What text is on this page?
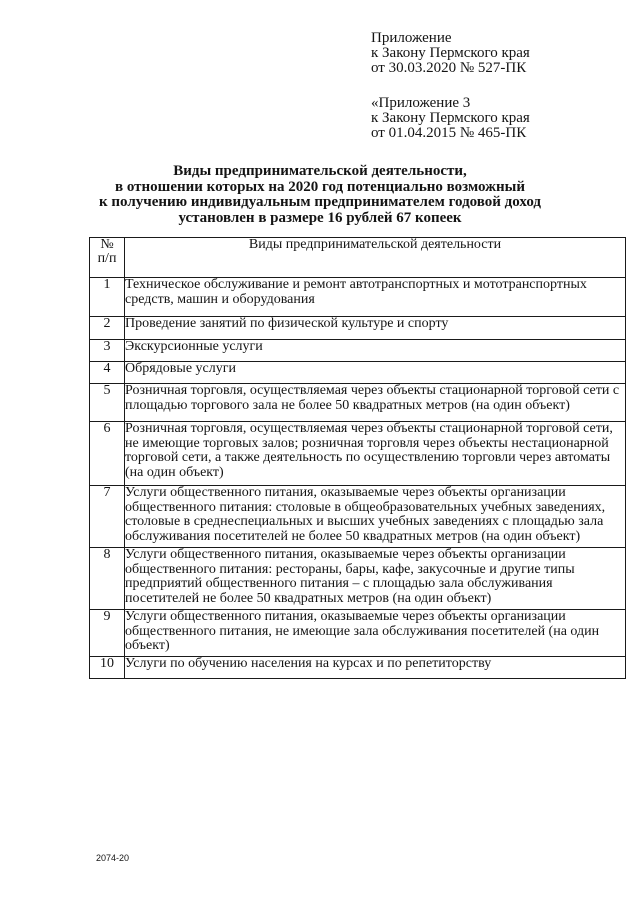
Приложение
к Закону Пермского края
от 30.03.2020 № 527-ПК
«Приложение 3
к Закону Пермского края
от 01.04.2015 № 465-ПК
Виды предпринимательской деятельности,
в отношении которых на 2020 год потенциально возможный
к получению индивидуальным предпринимателем годовой доход
установлен в размере 16 рублей 67 копеек
№
п/п	Виды предпринимательской деятельности
1	Техническое обслуживание и ремонт автотранспортных и мототранспортных средств, машин и оборудования
2	Проведение занятий по физической культуре и спорту
3	Экскурсионные услуги
4	Обрядовые услуги
5	Розничная торговля, осуществляемая через объекты стационарной торговой сети с площадью торгового зала не более 50 квадратных метров (на один объект)
6	Розничная торговля, осуществляемая через объекты стационарной торговой сети, не имеющие торговых залов; розничная торговля через объекты нестационарной торговой сети, а также деятельность по осуществлению торговли через автоматы (на один объект)
7	Услуги общественного питания, оказываемые через объекты организации общественного питания: столовые в общеобразовательных учебных заведениях, столовые в среднеспециальных и высших учебных заведениях с площадью зала обслуживания посетителей не более 50 квадратных метров (на один объект)
8	Услуги общественного питания, оказываемые через объекты организации общественного питания: рестораны, бары, кафе, закусочные и другие типы предприятий общественного питания – с площадью зала обслуживания посетителей не более 50 квадратных метров (на один объект)
9	Услуги общественного питания, оказываемые через объекты организации общественного питания, не имеющие зала обслуживания посетителей (на один объект)
10	Услуги по обучению населения на курсах и по репетиторству
2074-20
